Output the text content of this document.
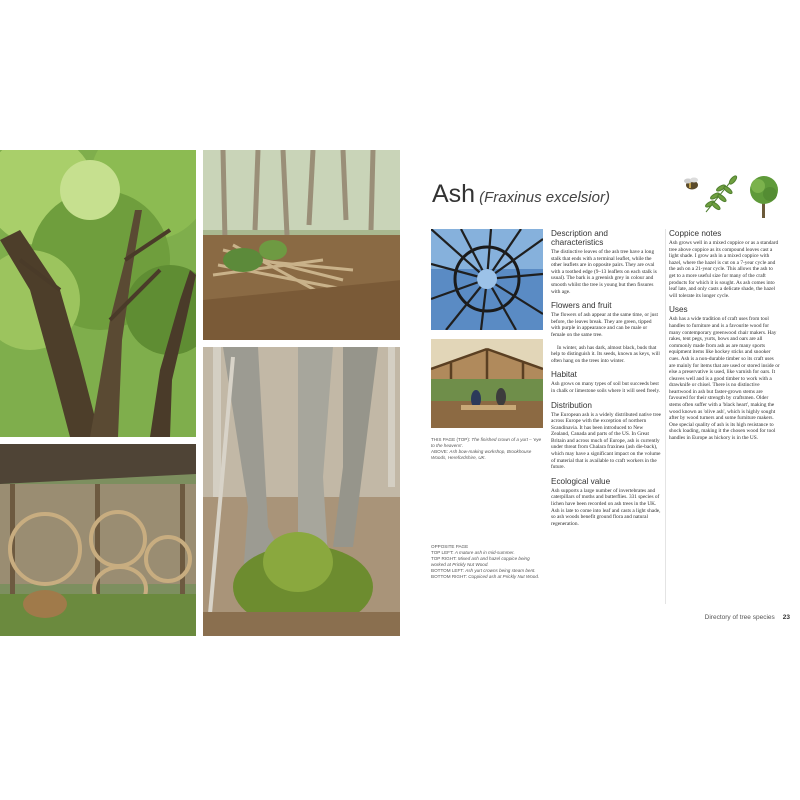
Ash (Fraxinus excelsior)

THIS PAGE (TOP): The finished crown of a yurt – 'eye to the heavens'.

ABOVE: Ash bow-making workshop, Brookhouse Woods, Herefordshire, UK.

OPPOSITE PAGE

TOP LEFT: A mature ash in mid-summer.

TOP RIGHT: Mixed ash and hazel coppice being worked at Prickly Nut Wood.

BOTTOM LEFT: Ash yurt crowns being steam bent.

BOTTOM RIGHT: Coppiced ash at Prickly Nut Wood.

Description and characteristics

The distinctive leaves of the ash tree have a long stalk that ends with a terminal leaflet, while the other leaflets are in opposite pairs. They are oval with a toothed edge (9–13 leaflets on each stalk is usual). The bark is a greenish grey in colour and smooth whilst the tree is young but then fissures with age.

Flowers and fruit

The flowers of ash appear at the same time, or just before, the leaves break. They are green, tipped with purple in appearance and can be male or female on the same tree.

In winter, ash has dark, almost black, buds that help to distinguish it. Its seeds, known as keys, will often hang on the trees into winter.

Habitat

Ash grows on many types of soil but succeeds best in chalk or limestone soils where it will seed freely.

Distribution

The European ash is a widely distributed native tree across Europe with the exception of northern Scandinavia. It has been introduced to New Zealand, Canada and parts of the US. In Great Britain and across much of Europe, ash is currently under threat from Chalara fraxinea (ash die-back), which may have a significant impact on the volume of material that is available to craft workers in the future.

Ecological value

Ash supports a large number of invertebrates and caterpillars of moths and butterflies. 331 species of lichen have been recorded on ash trees in the UK. Ash is late to come into leaf and casts a light shade, so ash woods benefit ground flora and natural regeneration.

Coppice notes

Ash grows well in a mixed coppice or as a standard tree above coppice as its compound leaves cast a light shade. I grow ash in a mixed coppice with hazel, where the hazel is cut on a 7-year cycle and the ash on a 21-year cycle. This allows the ash to get to a more useful size for many of the craft products for which it is sought. As ash comes into leaf late, and only casts a delicate shade, the hazel will tolerate its longer cycle.

Uses

Ash has a wide tradition of craft uses from tool handles to furniture and is a favourite wood for many contemporary greenwood chair makers. Hay rakes, tent pegs, yurts, bows and oars are all commonly made from ash as are many sports equipment items like hockey sticks and snooker cues. Ash is a non-durable timber so its craft uses are mainly for items that are used or stored inside or else a preservative is used, like varnish for oars. It cleaves well and is a good timber to work with a drawknife or chisel. There is no distinctive heartwood in ash but faster-grown stems are favoured for their strength by craftsmen. Older stems often suffer with a 'black heart', making the wood known as 'olive ash', which is highly sought after by wood turners and some furniture makers. One special quality of ash is its high resistance to shock loading, making it the chosen wood for tool handles in Europe as hickory is in the US.

Directory of tree species 23
